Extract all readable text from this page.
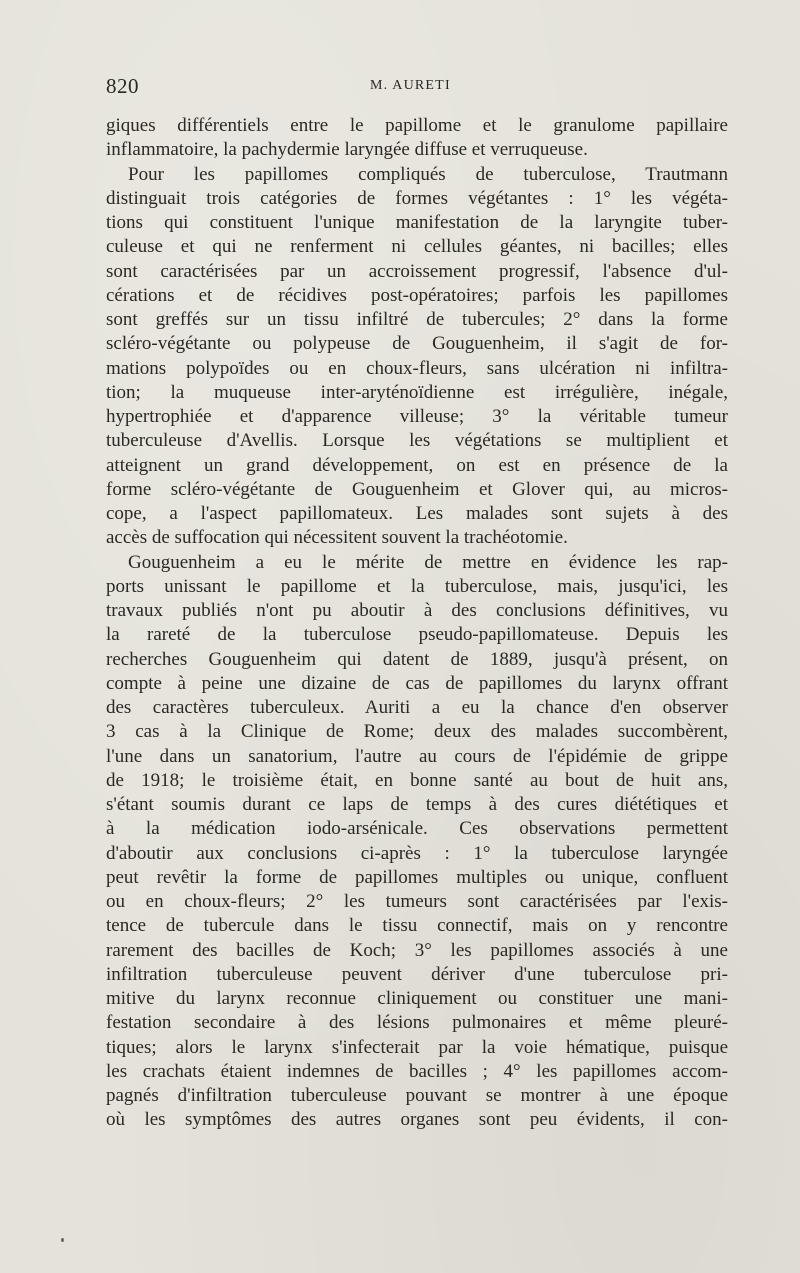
820	M. AURETI
giques différentiels entre le papillome et le granulome papillaire
inflammatoire, la pachydermie laryngée diffuse et verruqueuse.
Pour les papillomes compliqués de tuberculose, Trautmann
distinguait trois catégories de formes végétantes : 1° les végéta-
tions qui constituent l'unique manifestation de la laryngite tuber-
culeuse et qui ne renferment ni cellules géantes, ni bacilles; elles
sont caractérisées par un accroissement progressif, l'absence d'ul-
cérations et de récidives post-opératoires; parfois les papillomes
sont greffés sur un tissu infiltré de tubercules; 2° dans la forme
scléro-végétante ou polypeuse de Gouguenheim, il s'agit de for-
mations polypoïdes ou en choux-fleurs, sans ulcération ni infiltra-
tion; la muqueuse inter-aryténoïdienne est irrégulière, inégale,
hypertrophiée et d'apparence villeuse; 3° la véritable tumeur
tuberculeuse d'Avellis. Lorsque les végétations se multiplient et
atteignent un grand développement, on est en présence de la
forme scléro-végétante de Gouguenheim et Glover qui, au micros-
cope, a l'aspect papillomateux. Les malades sont sujets à des
accès de suffocation qui nécessitent souvent la trachéotomie.
Gouguenheim a eu le mérite de mettre en évidence les rap-
ports unissant le papillome et la tuberculose, mais, jusqu'ici, les
travaux publiés n'ont pu aboutir à des conclusions définitives, vu
la rareté de la tuberculose pseudo-papillomateuse. Depuis les
recherches Gouguenheim qui datent de 1889, jusqu'à présent, on
compte à peine une dizaine de cas de papillomes du larynx offrant
des caractères tuberculeux. Auriti a eu la chance d'en observer
3 cas à la Clinique de Rome; deux des malades succombèrent,
l'une dans un sanatorium, l'autre au cours de l'épidémie de grippe
de 1918; le troisième était, en bonne santé au bout de huit ans,
s'étant soumis durant ce laps de temps à des cures diététiques et
à la médication iodo-arsénicale. Ces observations permettent
d'aboutir aux conclusions ci-après : 1° la tuberculose laryngée
peut revêtir la forme de papillomes multiples ou unique, confluent
ou en choux-fleurs; 2° les tumeurs sont caractérisées par l'exis-
tence de tubercule dans le tissu connectif, mais on y rencontre
rarement des bacilles de Koch; 3° les papillomes associés à une
infiltration tuberculeuse peuvent dériver d'une tuberculose pri-
mitive du larynx reconnue cliniquement ou constituer une mani-
festation secondaire à des lésions pulmonaires et même pleuré-
tiques; alors le larynx s'infecterait par la voie hématique, puisque
les crachats étaient indemnes de bacilles ; 4° les papillomes accom-
pagnés d'infiltration tuberculeuse pouvant se montrer à une époque
où les symptômes des autres organes sont peu évidents, il con-
